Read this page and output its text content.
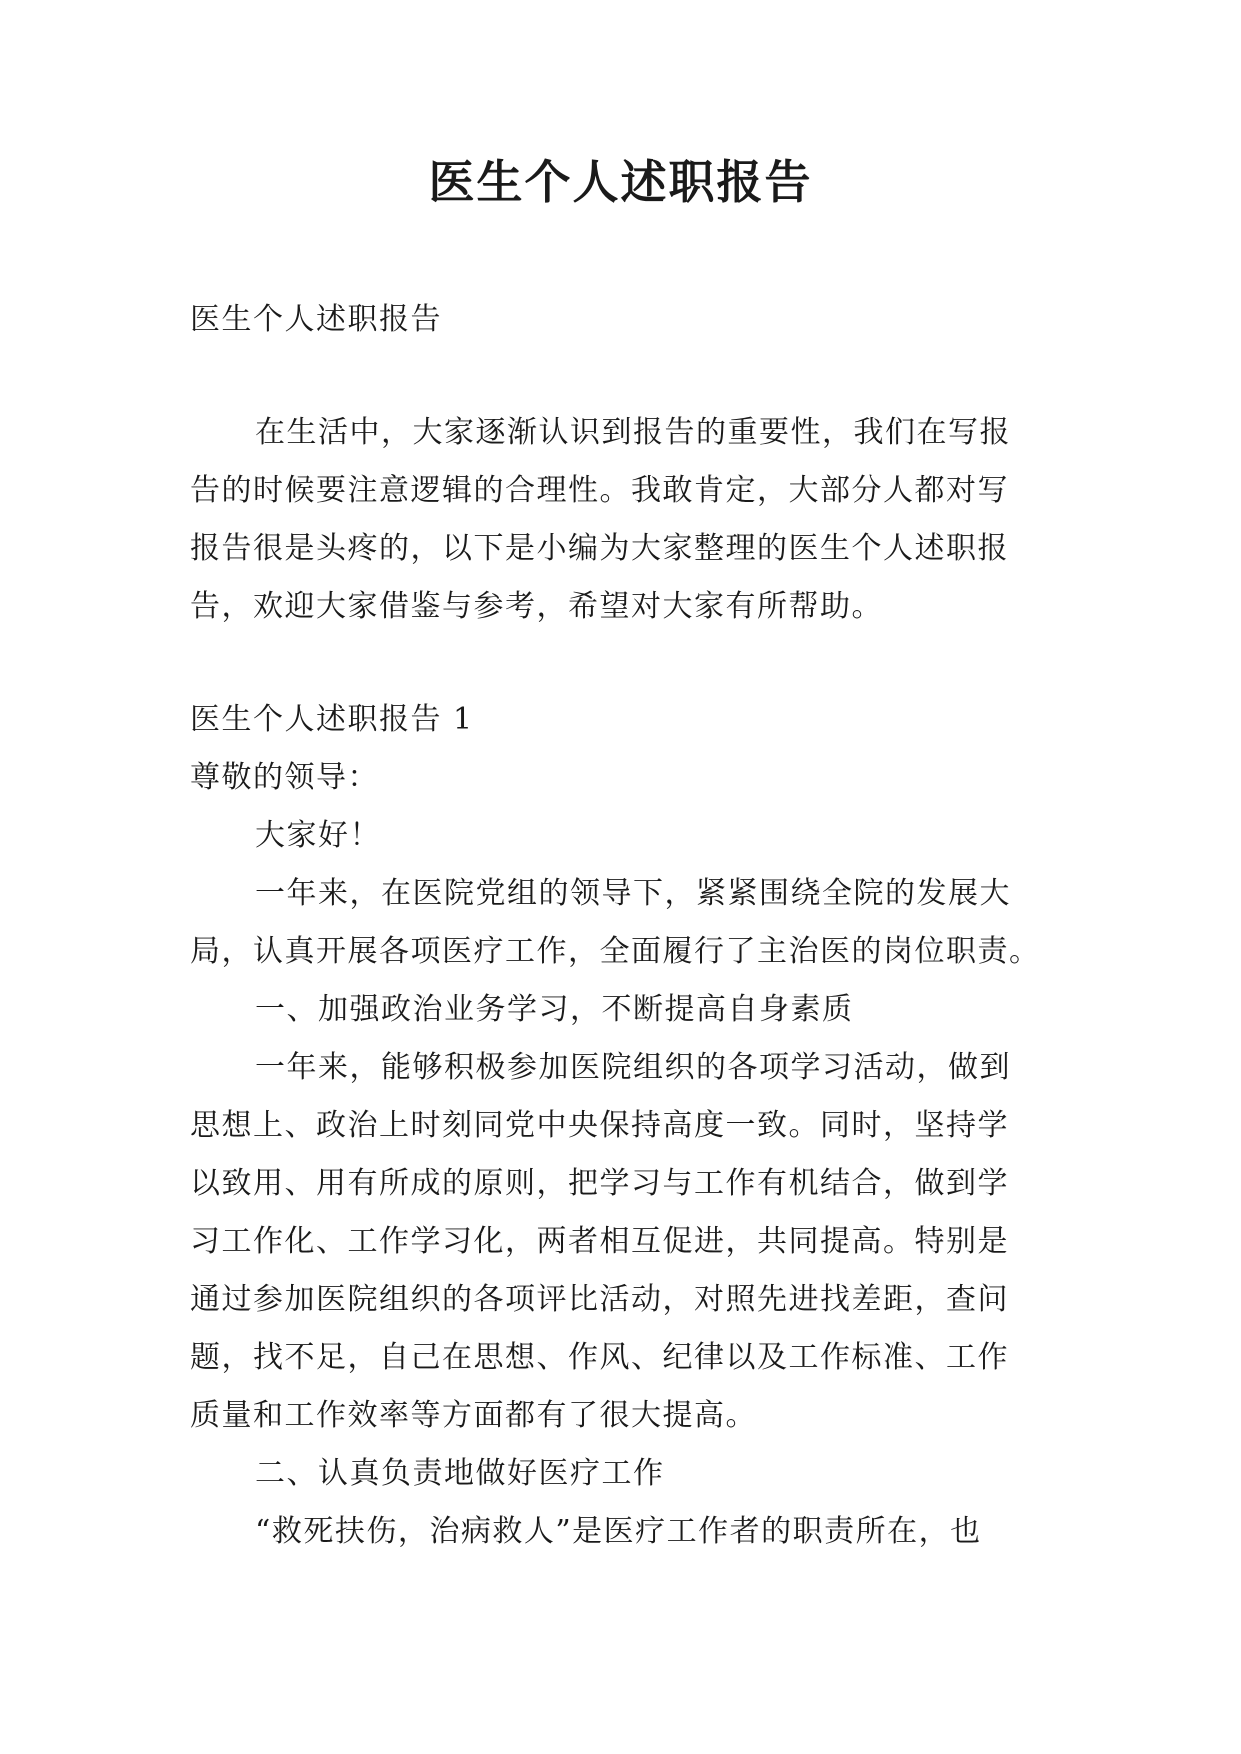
医生个人述职报告

医生个人述职报告

在生活中，大家逐渐认识到报告的重要性，我们在写报

告的时候要注意逻辑的合理性。我敢肯定，大部分人都对写

报告很是头疼的，以下是小编为大家整理的医生个人述职报

告，欢迎大家借鉴与参考，希望对大家有所帮助。

医生个人述职报告 1

尊敬的领导：

大家好！

一年来，在医院党组的领导下，紧紧围绕全院的发展大

局，认真开展各项医疗工作，全面履行了主治医的岗位职责。

一、加强政治业务学习，不断提高自身素质

一年来，能够积极参加医院组织的各项学习活动，做到

思想上、政治上时刻同党中央保持高度一致。同时，坚持学

以致用、用有所成的原则，把学习与工作有机结合，做到学

习工作化、工作学习化，两者相互促进，共同提高。特别是

通过参加医院组织的各项评比活动，对照先进找差距，查问

题，找不足，自己在思想、作风、纪律以及工作标准、工作

质量和工作效率等方面都有了很大提高。

二、认真负责地做好医疗工作

“救死扶伤，治病救人”是医疗工作者的职责所在，也
